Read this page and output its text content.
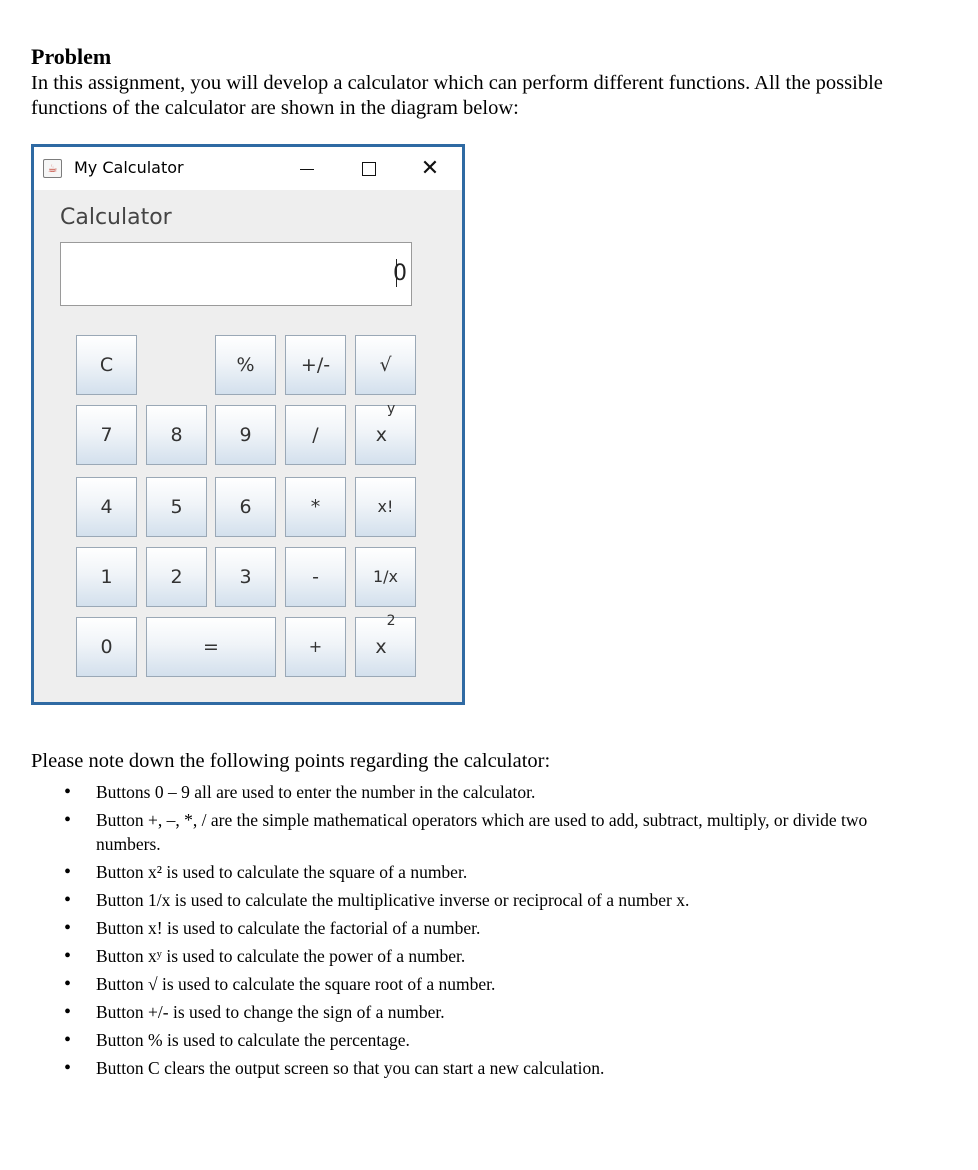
Problem
In this assignment, you will develop a calculator which can perform different functions. All the possible functions of the calculator are shown in the diagram below:
☕ My Calculator	✕
Calculator
0
C	%	+/-	√
7	8	9	/	$x^y$
4	5	6	*	x!
1	2	3	-	1/x
0	=	+	$x^2$
Please note down the following points regarding the calculator:
• Buttons 0 – 9 all are used to enter the number in the calculator.
• Button +, –, *, / are the simple mathematical operators which are used to add, subtract, multiply, or divide two numbers.
• Button x² is used to calculate the square of a number.
• Button 1/x is used to calculate the multiplicative inverse or reciprocal of a number x.
• Button x! is used to calculate the factorial of a number.
• Button xʸ is used to calculate the power of a number.
• Button √ is used to calculate the square root of a number.
• Button +/- is used to change the sign of a number.
• Button % is used to calculate the percentage.
• Button C clears the output screen so that you can start a new calculation.
